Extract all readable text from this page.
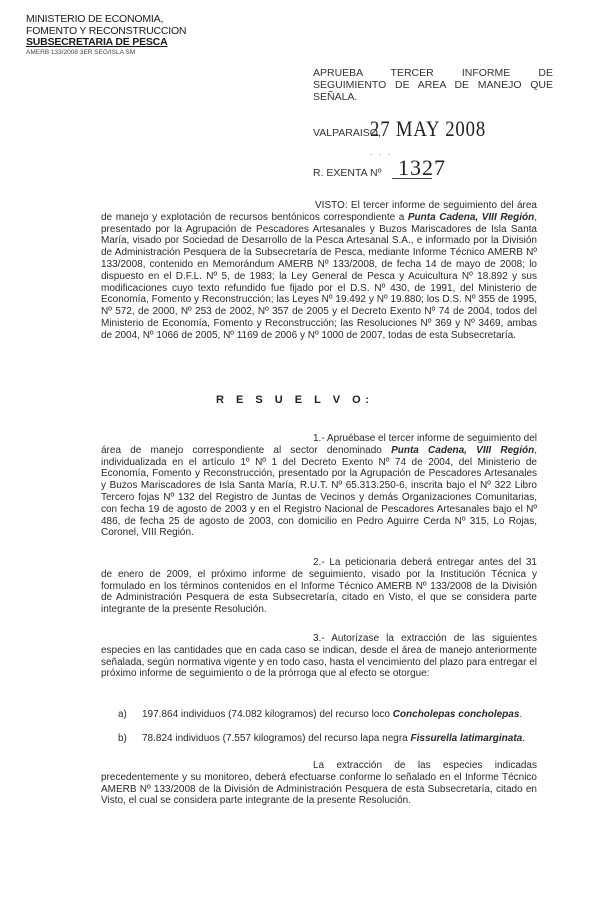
MINISTERIO DE ECONOMIA,
FOMENTO Y RECONSTRUCCION
SUBSECRETARIA DE PESCA
AMERB 133/2008 3ER SEG/ISLA SM
APRUEBA TERCER INFORME DE SEGUIMIENTO DE AREA DE MANEJO QUE SEÑALA.
VALPARAISO,
27 MAY 2008
· · ·
R. EXENTA Nº 1327
VISTO: El tercer informe de seguimiento del área de manejo y explotación de recursos bentónicos correspondiente a Punta Cadena, VIII Región, presentado por la Agrupación de Pescadores Artesanales y Buzos Mariscadores de Isla Santa María, visado por Sociedad de Desarrollo de la Pesca Artesanal S.A., e informado por la División de Administración Pesquera de la Subsecretaría de Pesca, mediante Informe Técnico AMERB Nº 133/2008, contenido en Memorándum AMERB Nº 133/2008, de fecha 14 de mayo de 2008; lo dispuesto en el D.F.L. Nº 5, de 1983; la Ley General de Pesca y Acuicultura Nº 18.892 y sus modificaciones cuyo texto refundido fue fijado por el D.S. Nº 430, de 1991, del Ministerio de Economía, Fomento y Reconstrucción; las Leyes Nº 19.492 y Nº 19.880; los D.S. Nº 355 de 1995, Nº 572, de 2000, Nº 253 de 2002, Nº 357 de 2005 y el Decreto Exento Nº 74 de 2004, todos del Ministerio de Economía, Fomento y Reconstrucción; las Resoluciones Nº 369 y Nº 3469, ambas de 2004, Nº 1066 de 2005, Nº 1169 de 2006 y Nº 1000 de 2007, todas de esta Subsecretaría.
R E S U E L V O:
1.- Apruébase el tercer informe de seguimiento del área de manejo correspondiente al sector denominado Punta Cadena, VIII Región, individualizada en el artículo 1º Nº 1 del Decreto Exento Nº 74 de 2004, del Ministerio de Economía, Fomento y Reconstrucción, presentado por la Agrupación de Pescadores Artesanales y Buzos Mariscadores de Isla Santa María, R.U.T. Nº 65.313.250-6, inscrita bajo el Nº 322 Libro Tercero fojas Nº 132 del Registro de Juntas de Vecinos y demás Organizaciones Comunitarias, con fecha 19 de agosto de 2003 y en el Registro Nacional de Pescadores Artesanales bajo el Nº 486, de fecha 25 de agosto de 2003, con domicilio en Pedro Aguirre Cerda Nº 315, Lo Rojas, Coronel, VIII Región.
2.- La peticionaria deberá entregar antes del 31 de enero de 2009, el próximo informe de seguimiento, visado por la Institución Técnica y formulado en los términos contenidos en el Informe Técnico AMERB Nº 133/2008 de la División de Administración Pesquera de esta Subsecretaría, citado en Visto, el que se considera parte integrante de la presente Resolución.
3.- Autorízase la extracción de las siguientes especies en las cantidades que en cada caso se indican, desde el área de manejo anteriormente señalada, según normativa vigente y en todo caso, hasta el vencimiento del plazo para entregar el próximo informe de seguimiento o de la prórroga que al efecto se otorgue:
a) 197.864 individuos (74.082 kilogramos) del recurso loco Concholepas concholepas.
b) 78.824 individuos (7.557 kilogramos) del recurso lapa negra Fissurella latimarginata.
La extracción de las especies indicadas precedentemente y su monitoreo, deberá efectuarse conforme lo señalado en el Informe Técnico AMERB Nº 133/2008 de la División de Administración Pesquera de esta Subsecretaría, citado en Visto, el cual se considera parte integrante de la presente Resolución.
